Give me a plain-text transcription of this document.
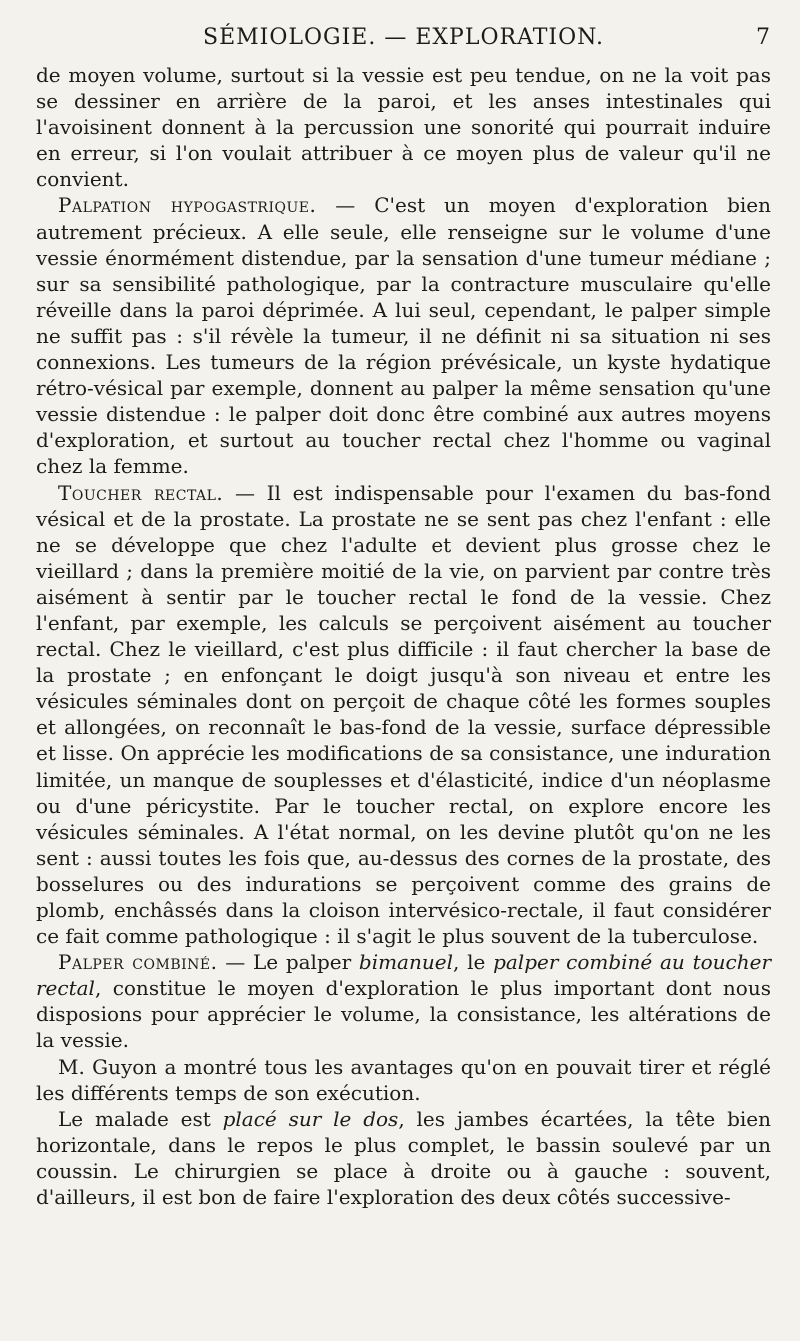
SÉMIOLOGIE. — EXPLORATION.	7

de moyen volume, surtout si la vessie est peu tendue, on ne la voit pas se dessiner en arrière de la paroi, et les anses intestinales qui l'avoisinent donnent à la percussion une sonorité qui pourrait induire en erreur, si l'on voulait attribuer à ce moyen plus de valeur qu'il ne convient.

Palpation hypogastrique. — C'est un moyen d'exploration bien autrement précieux. A elle seule, elle renseigne sur le volume d'une vessie énormément distendue, par la sensation d'une tumeur médiane ; sur sa sensibilité pathologique, par la contracture musculaire qu'elle réveille dans la paroi déprimée. A lui seul, cependant, le palper simple ne suffit pas : s'il révèle la tumeur, il ne définit ni sa situation ni ses connexions. Les tumeurs de la région prévésicale, un kyste hydatique rétro-vésical par exemple, donnent au palper la même sensation qu'une vessie distendue : le palper doit donc être combiné aux autres moyens d'exploration, et surtout au toucher rectal chez l'homme ou vaginal chez la femme.

Toucher rectal. — Il est indispensable pour l'examen du bas-fond vésical et de la prostate. La prostate ne se sent pas chez l'enfant : elle ne se développe que chez l'adulte et devient plus grosse chez le vieillard ; dans la première moitié de la vie, on parvient par contre très aisément à sentir par le toucher rectal le fond de la vessie. Chez l'enfant, par exemple, les calculs se perçoivent aisément au toucher rectal. Chez le vieillard, c'est plus difficile : il faut chercher la base de la prostate ; en enfonçant le doigt jusqu'à son niveau et entre les vésicules séminales dont on perçoit de chaque côté les formes souples et allongées, on reconnaît le bas-fond de la vessie, surface dépressible et lisse. On apprécie les modifications de sa consistance, une induration limitée, un manque de souplesses et d'élasticité, indice d'un néoplasme ou d'une péricystite. Par le toucher rectal, on explore encore les vésicules séminales. A l'état normal, on les devine plutôt qu'on ne les sent : aussi toutes les fois que, au-dessus des cornes de la prostate, des bosselures ou des indurations se perçoivent comme des grains de plomb, enchâssés dans la cloison intervésico-rectale, il faut considérer ce fait comme pathologique : il s'agit le plus souvent de la tuberculose.

Palper combiné. — Le palper bimanuel, le palper combiné au toucher rectal, constitue le moyen d'exploration le plus important dont nous disposions pour apprécier le volume, la consistance, les altérations de la vessie.

M. Guyon a montré tous les avantages qu'on en pouvait tirer et réglé les différents temps de son exécution.

Le malade est placé sur le dos, les jambes écartées, la tête bien horizontale, dans le repos le plus complet, le bassin soulevé par un coussin. Le chirurgien se place à droite ou à gauche : souvent, d'ailleurs, il est bon de faire l'exploration des deux côtés successive-
